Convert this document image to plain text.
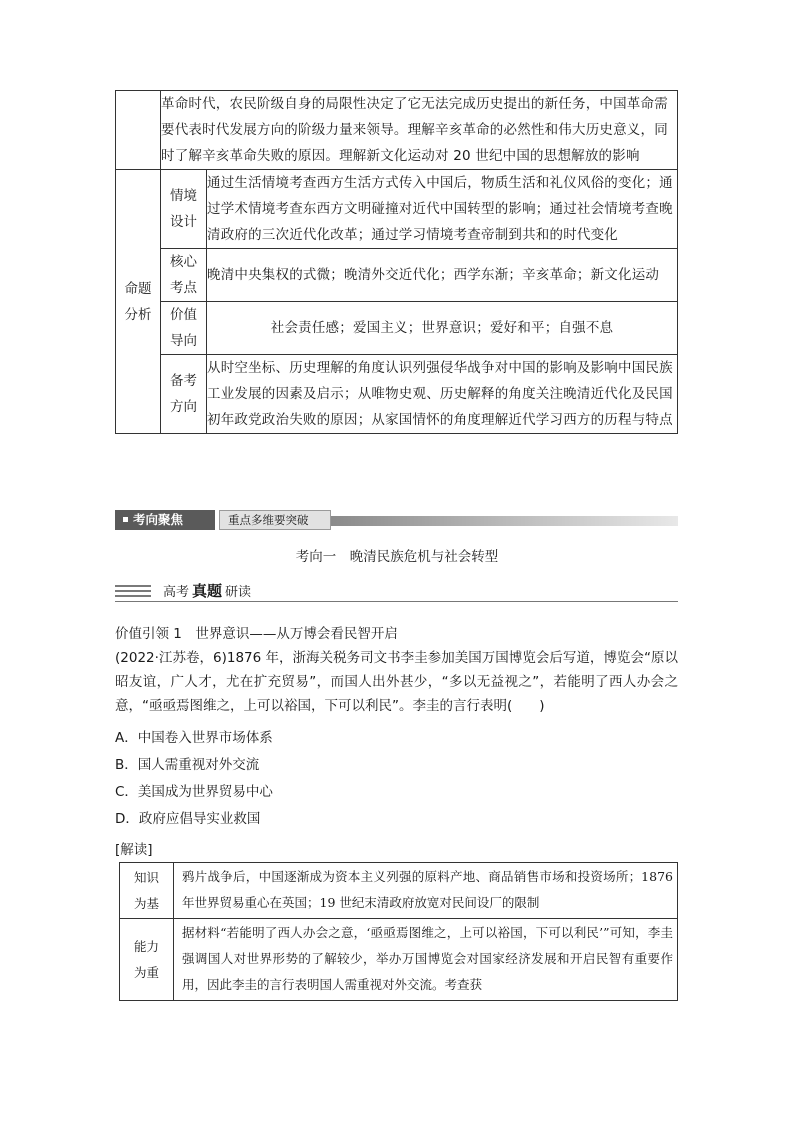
	革命时代，农民阶级自身的局限性决定了它无法完成历史提出的新任务，中国革命需要代表时代发展方向的阶级力量来领导。理解辛亥革命的必然性和伟大历史意义，同时了解辛亥革命失败的原因。理解新文化运动对 20 世纪中国的思想解放的影响	

命题分析	情境设计	通过生活情境考查西方生活方式传入中国后，物质生活和礼仪风俗的变化；通过学术情境考查东西方文明碰撞对近代中国转型的影响；通过社会情境考查晚清政府的三次近代化改革；通过学习情境考查帝制到共和的时代变化

	核心考点	晚清中央集权的式微；晚清外交近代化；西学东渐；辛亥革命；新文化运动

	价值导向	社会责任感；爱国主义；世界意识；爱好和平；自强不息

	备考方向	从时空坐标、历史理解的角度认识列强侵华战争对中国的影响及影响中国民族工业发展的因素及启示；从唯物史观、历史解释的角度关注晚清近代化及民国初年政党政治失败的原因；从家国情怀的角度理解近代学习西方的历程与特点
考向聚焦	重点多维要突破
考向一　晚清民族危机与社会转型
高考 真题 研读
价值引领 1　世界意识——从万博会看民智开启
(2022·江苏卷，6)1876 年，浙海关税务司文书李圭参加美国万国博览会后写道，博览会“原以昭友谊，广人才，尤在扩充贸易”，而国人出外甚少，“多以无益视之”，若能明了西人办会之意，“亟亟焉图维之，上可以裕国，下可以利民”。李圭的言行表明(　　)
A．中国卷入世界市场体系
B．国人需重视对外交流
C．美国成为世界贸易中心
D．政府应倡导实业救国
[解读]
知识为基	鸦片战争后，中国逐渐成为资本主义列强的原料产地、商品销售市场和投资场所；1876 年世界贸易重心在英国；19 世纪末清政府放宽对民间设厂的限制

能力为重	据材料“若能明了西人办会之意，‘亟亟焉图维之，上可以裕国，下可以利民’”可知，李圭强调国人对世界形势的了解较少，举办万国博览会对国家经济发展和开启民智有重要作用，因此李圭的言行表明国人需重视对外交流。考查获
